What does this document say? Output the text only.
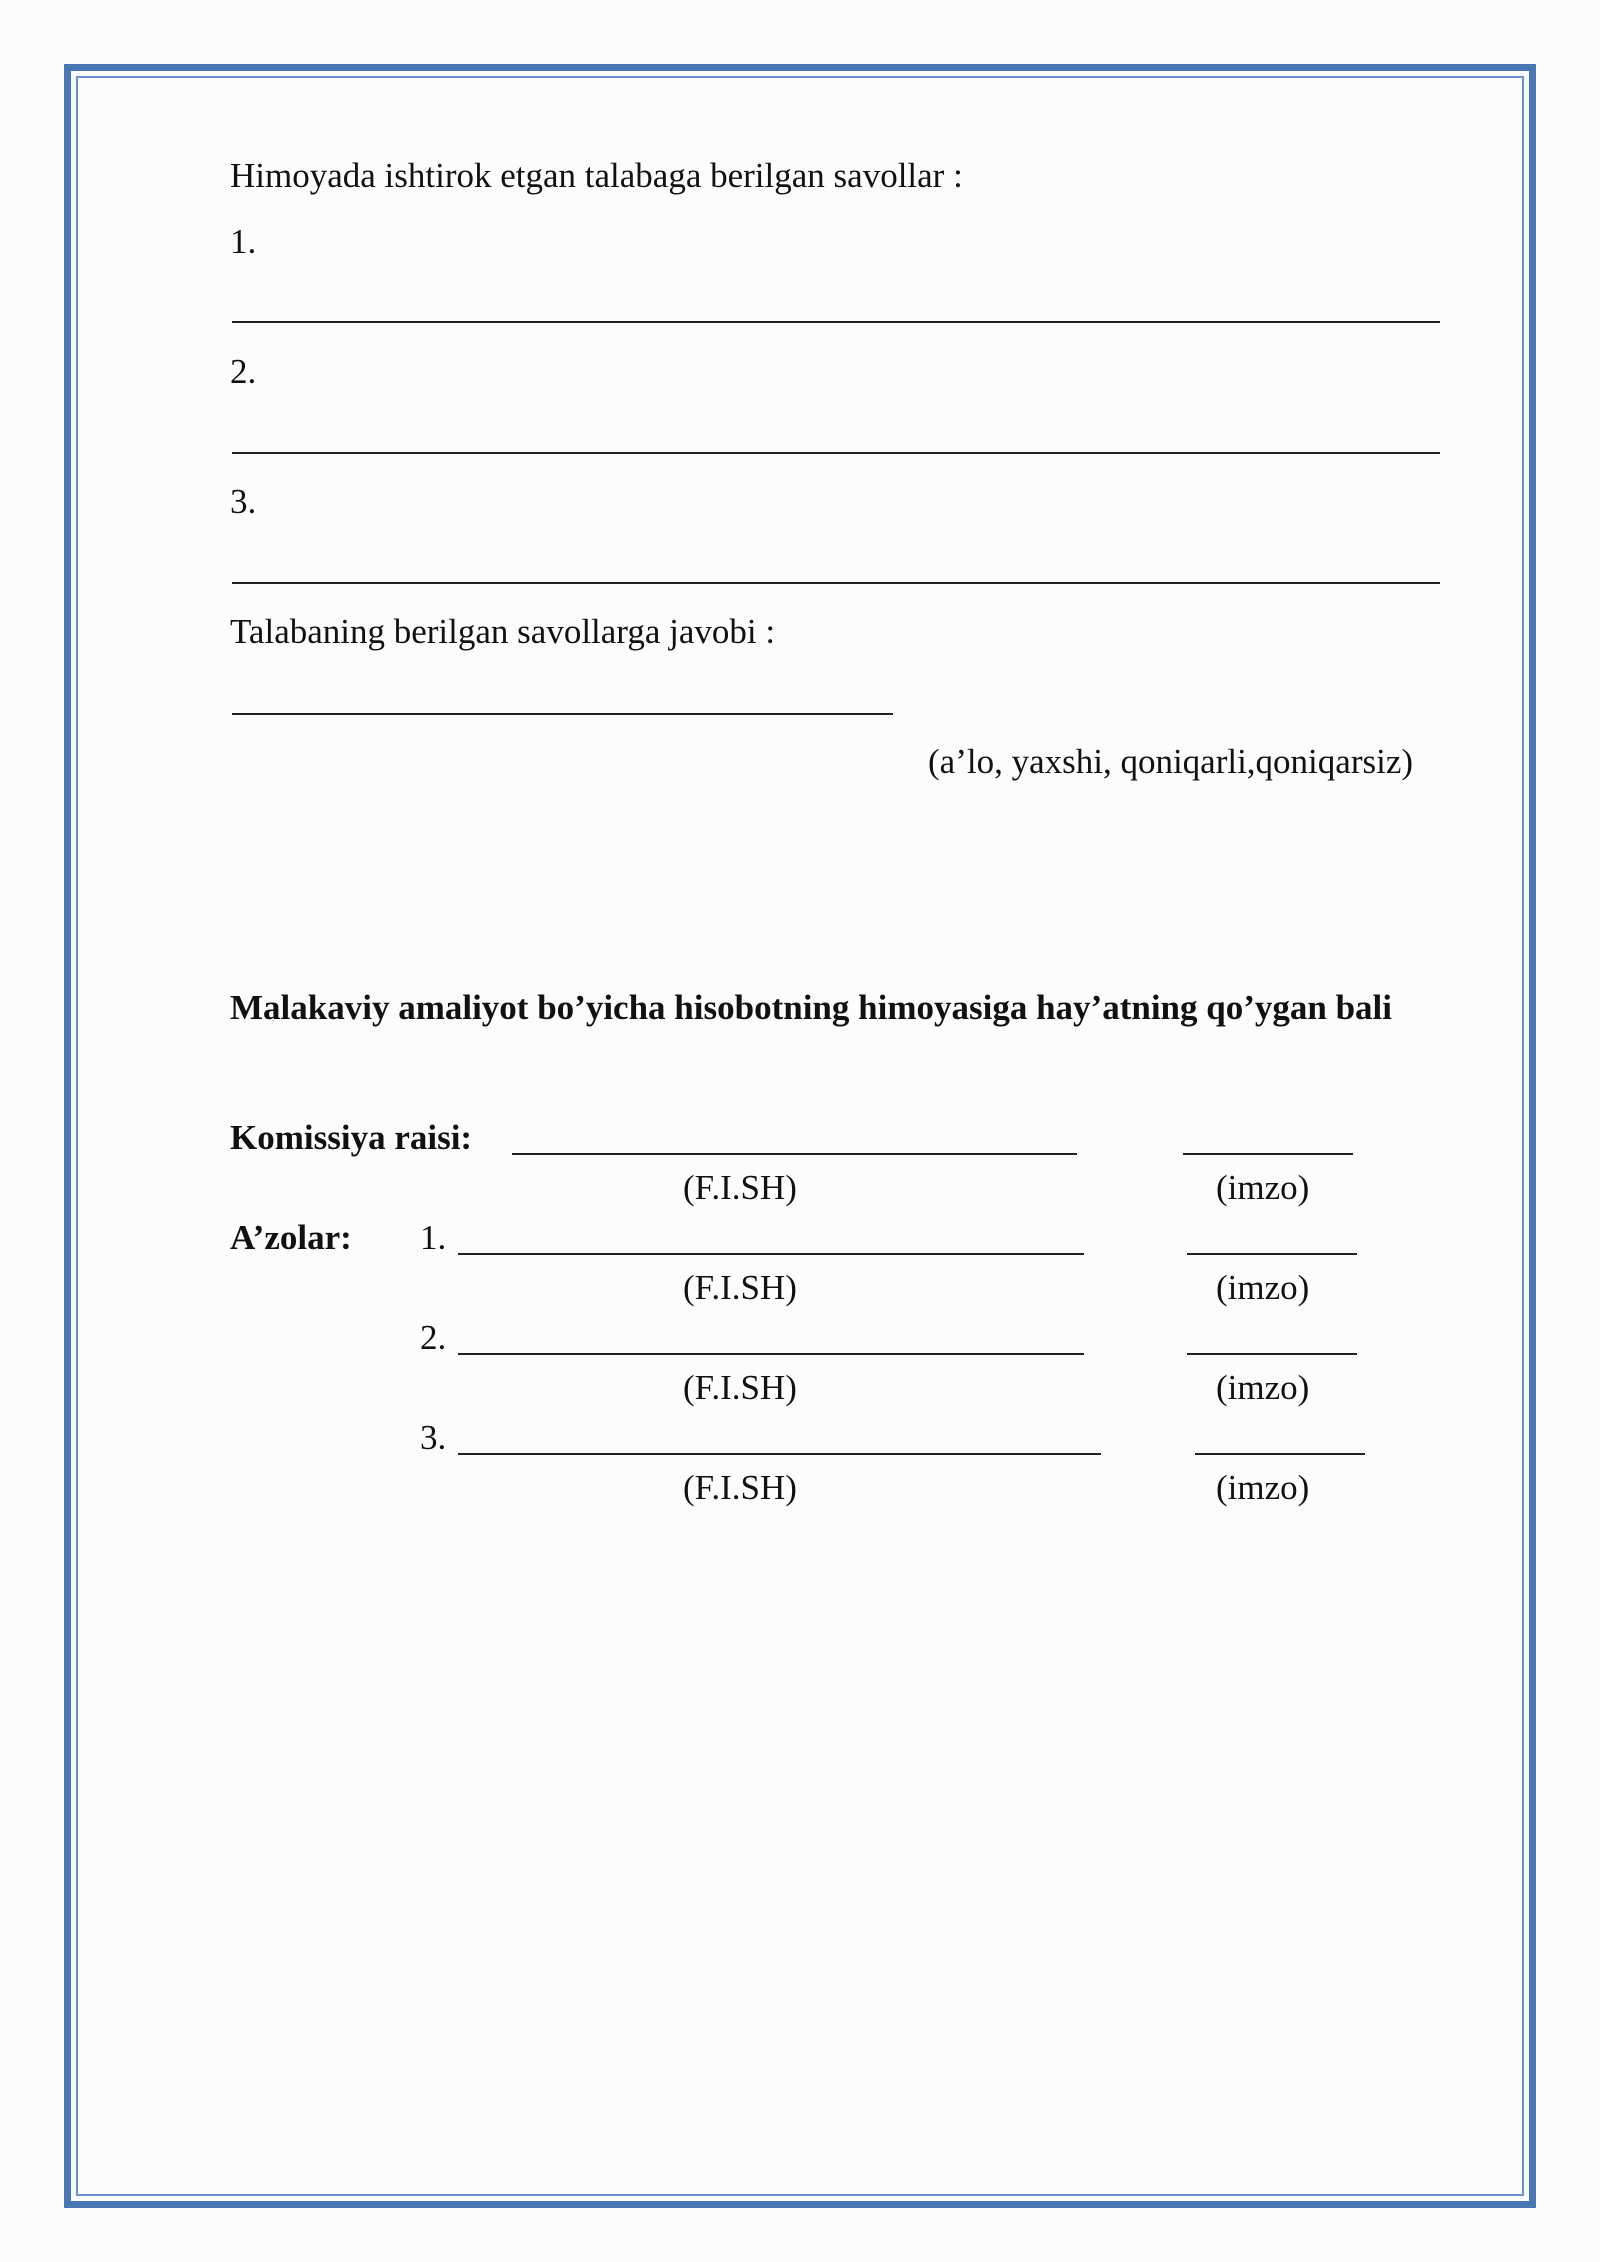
Himoyada ishtirok etgan talabaga berilgan savollar :
1.
2.
3.
Talabaning berilgan savollarga javobi :
(a’lo, yaxshi, qoniqarli,qoniqarsiz)
Malakaviy amaliyot bo’yicha hisobotning himoyasiga hay’atning qo’ygan bali
Komissiya raisi:
(F.I.SH)	(imzo)
A’zolar: 1.
(F.I.SH)	(imzo)
2.
(F.I.SH)	(imzo)
3.
(F.I.SH)	(imzo)
